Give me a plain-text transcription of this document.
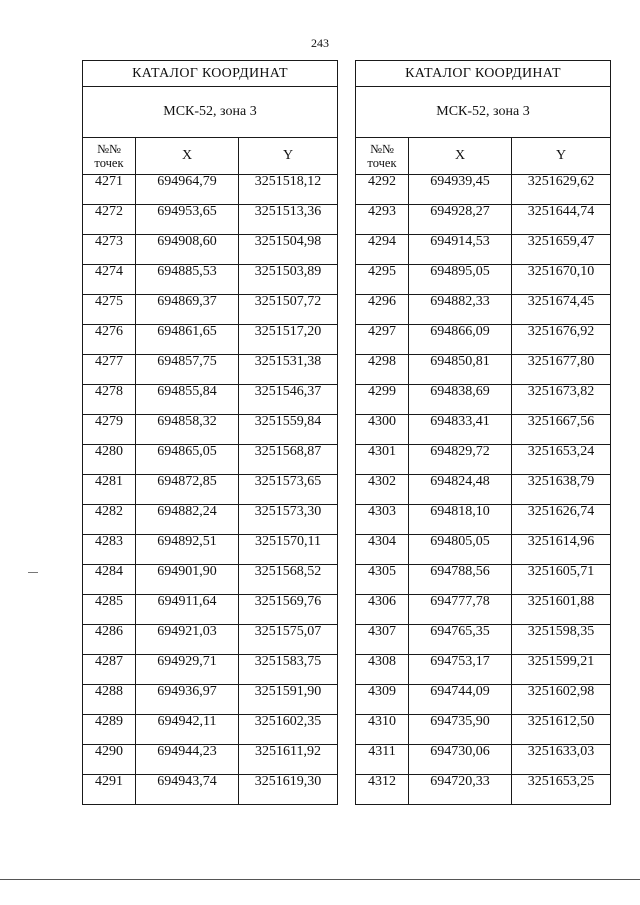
243
КАТАЛОГ КООРДИНАТ		
МСК-52, зона 3		
№№
точек	X	Y
4271	694964,79	3251518,12
4272	694953,65	3251513,36
4273	694908,60	3251504,98
4274	694885,53	3251503,89
4275	694869,37	3251507,72
4276	694861,65	3251517,20
4277	694857,75	3251531,38
4278	694855,84	3251546,37
4279	694858,32	3251559,84
4280	694865,05	3251568,87
4281	694872,85	3251573,65
4282	694882,24	3251573,30
4283	694892,51	3251570,11
4284	694901,90	3251568,52
4285	694911,64	3251569,76
4286	694921,03	3251575,07
4287	694929,71	3251583,75
4288	694936,97	3251591,90
4289	694942,11	3251602,35
4290	694944,23	3251611,92
4291	694943,74	3251619,30
КАТАЛОГ КООРДИНАТ		
МСК-52, зона 3		
№№
точек	X	Y
4292	694939,45	3251629,62
4293	694928,27	3251644,74
4294	694914,53	3251659,47
4295	694895,05	3251670,10
4296	694882,33	3251674,45
4297	694866,09	3251676,92
4298	694850,81	3251677,80
4299	694838,69	3251673,82
4300	694833,41	3251667,56
4301	694829,72	3251653,24
4302	694824,48	3251638,79
4303	694818,10	3251626,74
4304	694805,05	3251614,96
4305	694788,56	3251605,71
4306	694777,78	3251601,88
4307	694765,35	3251598,35
4308	694753,17	3251599,21
4309	694744,09	3251602,98
4310	694735,90	3251612,50
4311	694730,06	3251633,03
4312	694720,33	3251653,25
